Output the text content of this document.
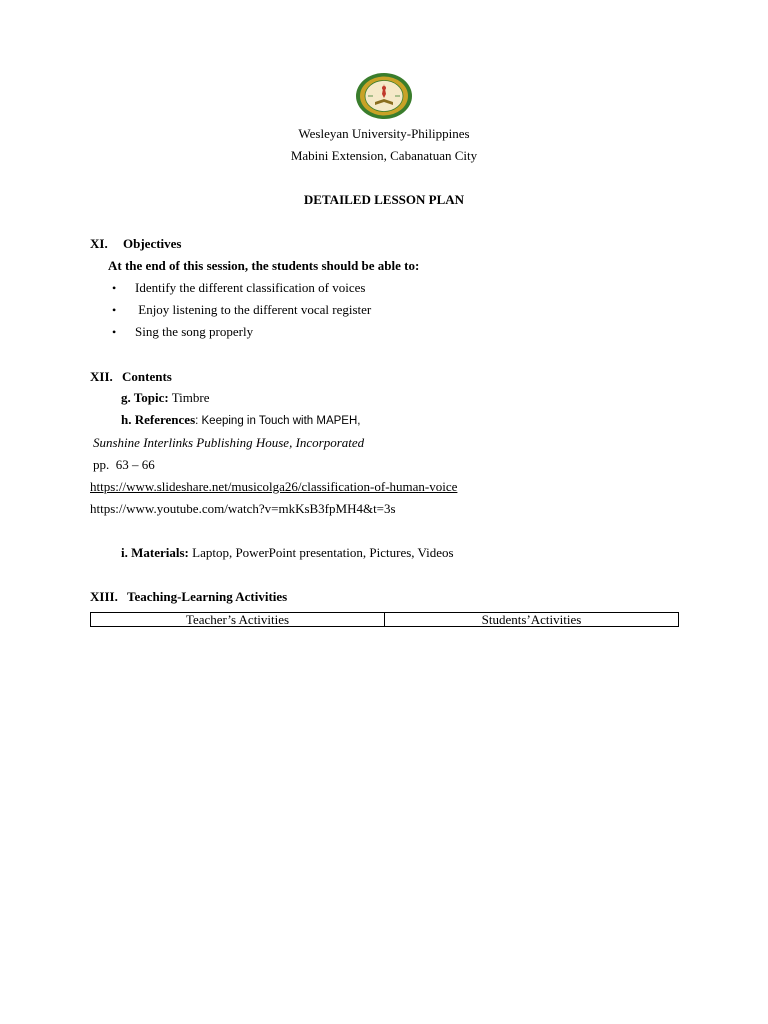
Wesleyan University-Philippines
Mabini Extension, Cabanatuan City
DETAILED LESSON PLAN
XI. Objectives
At the end of this session, the students should be able to:
• Identify the different classification of voices
• Enjoy listening to the different vocal register
• Sing the song properly
XII. Contents
g. Topic: Timbre
h. References: Keeping in Touch with MAPEH,
Sunshine Interlinks Publishing House, Incorporated
pp.  63 – 66
https://www.slideshare.net/musicolga26/classification-of-human-voice
https://www.youtube.com/watch?v=mkKsB3fpMH4&t=3s
i. Materials: Laptop, PowerPoint presentation, Pictures, Videos
XIII. Teaching-Learning Activities
Teacher’s Activities	Students’Activities
